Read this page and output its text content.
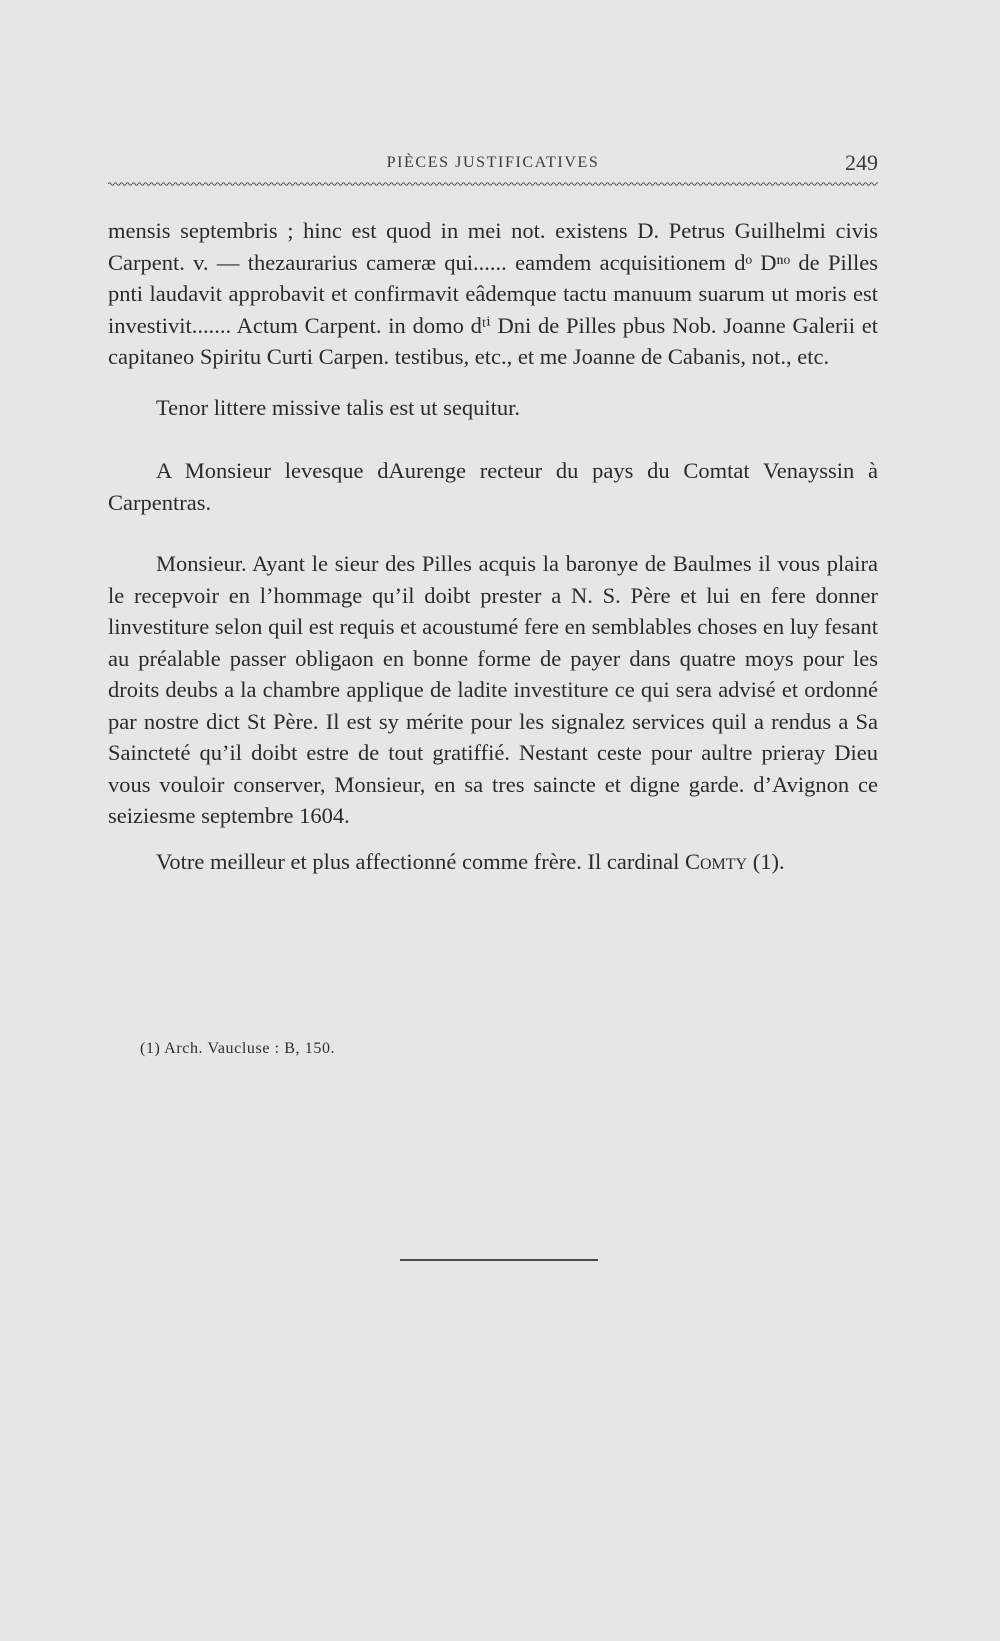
PIÈCES JUSTIFICATIVES	249

mensis septembris ; hinc est quod in mei not. existens D. Petrus Guilhelmi civis Carpent. v. — thezaurarius cameræ qui...... eamdem acquisitionem dᵒ Dⁿᵒ de Pilles pnti laudavit approbavit et confirmavit eâdemque tactu manuum suarum ut moris est investivit....... Actum Carpent. in domo dᵗⁱ Dni de Pilles pbus Nob. Joanne Galerii et capitaneo Spiritu Curti Carpen. testibus, etc., et me Joanne de Cabanis, not., etc.

Tenor littere missive talis est ut sequitur.

A Monsieur levesque dAurenge recteur du pays du Comtat Venayssin à Carpentras.

Monsieur. Ayant le sieur des Pilles acquis la baronye de Baulmes il vous plaira le recepvoir en l’hommage qu’il doibt prester a N. S. Père et lui en fere donner linvestiture selon quil est requis et acoustumé fere en semblables choses en luy fesant au préalable passer obligaon en bonne forme de payer dans quatre moys pour les droits deubs a la chambre applique de ladite investiture ce qui sera advisé et ordonné par nostre dict St Père. Il est sy mérite pour les signalez services quil a rendus a Sa Sainctеté qu’il doibt estre de tout gratiffié. Nestant ceste pour aultre prieray Dieu vous vouloir conserver, Monsieur, en sa tres saincte et digne garde. d’Avignon ce seiziesme septembre 1604.

Votre meilleur et plus affectionné comme frère. Il cardinal Comty (1).

(1) Arch. Vaucluse : B, 150.
